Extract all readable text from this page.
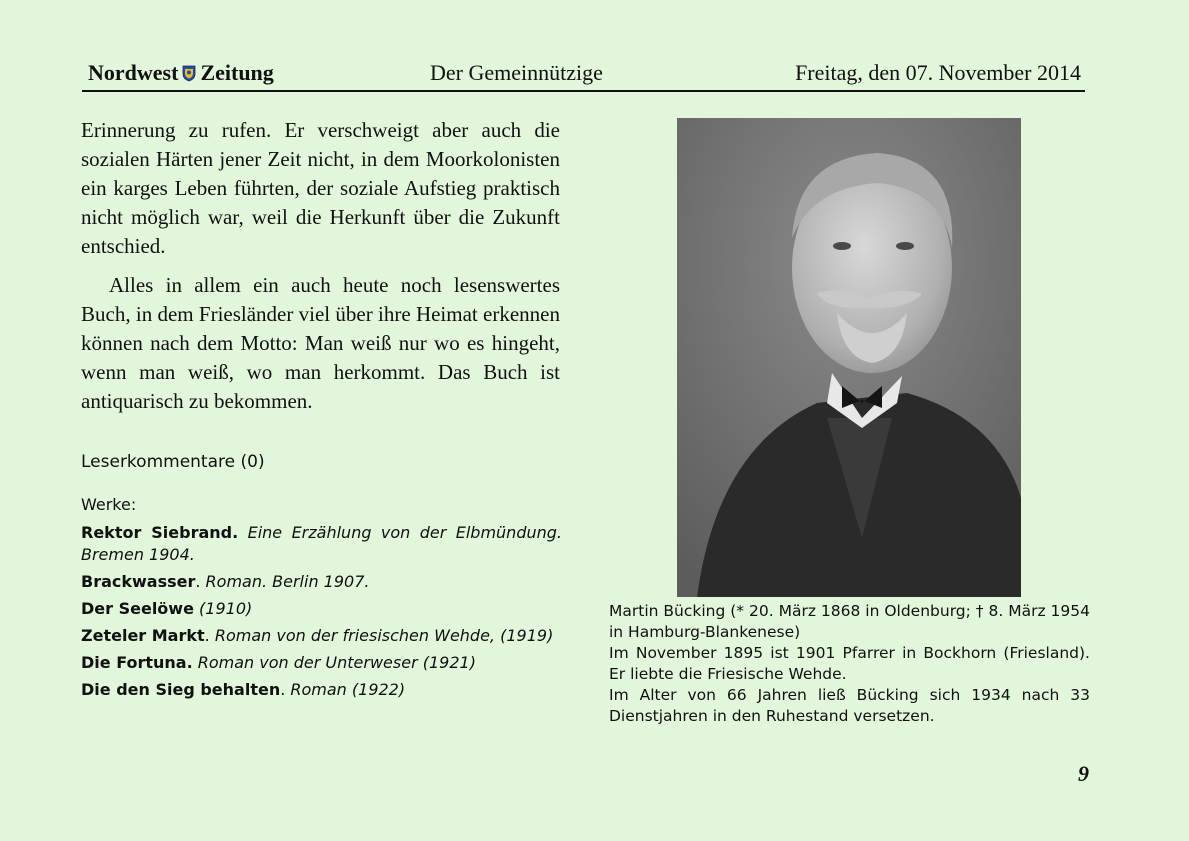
Nordwest Zeitung	Der Gemeinnützige	Freitag, den 07. November 2014

Erinnerung zu rufen. Er verschweigt aber auch die sozialen Härten jener Zeit nicht, in dem Moorkolonisten ein karges Leben führten, der soziale Aufstieg praktisch nicht möglich war, weil die Herkunft über die Zukunft entschied.

Alles in allem ein auch heute noch lesenswertes Buch, in dem Friesländer viel über ihre Heimat erkennen können nach dem Motto: Man weiß nur wo es hingeht, wenn man weiß, wo man herkommt. Das Buch ist antiquarisch zu bekommen.

Leserkommentare (0)
Werke:
Rektor Siebrand. Eine Erzählung von der Elbmündung. Bremen 1904.
Brackwasser. Roman. Berlin 1907.
Der Seelöwe (1910)
Zeteler Markt. Roman von der friesischen Wehde, (1919)
Die Fortuna. Roman von der Unterweser (1921)
Die den Sieg behalten. Roman (1922)
Martin Bücking (* 20. März 1868 in Oldenburg; † 8. März 1954 in Hamburg-Blankenese)
Im November 1895 ist 1901 Pfarrer in Bockhorn (Friesland). Er liebte die Friesische Wehde.
Im Alter von 66 Jahren ließ Bücking sich 1934 nach 33 Dienstjahren in den Ruhestand versetzen.
9
